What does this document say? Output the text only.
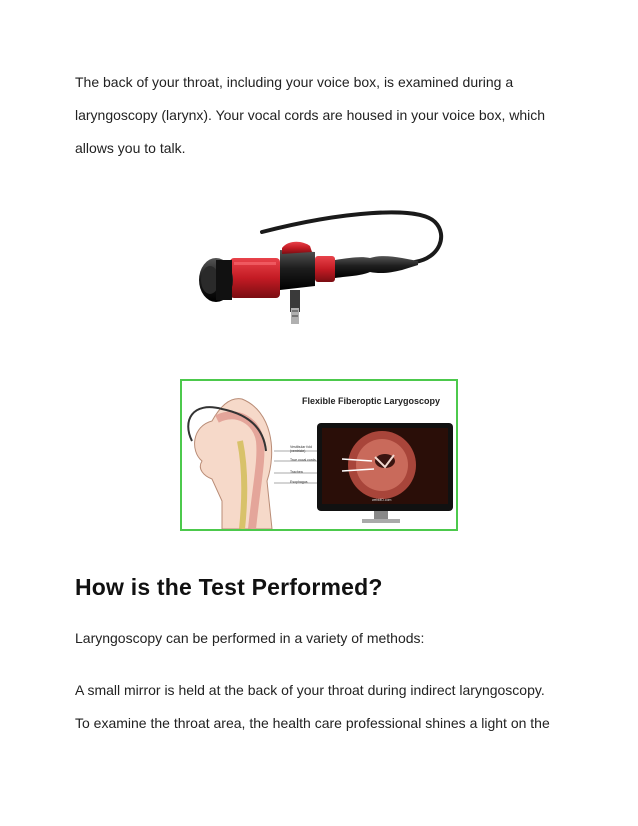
The back of your throat, including your voice box, is examined during a
laryngoscopy (larynx). Your vocal cords are housed in your voice box, which
allows you to talk.

Flexible Fiberoptic Larygoscopy
Vestibular fold (ventricle)
True vocal cords
Trachea
Esophagus
webMD.com
How is the Test Performed?

Laryngoscopy can be performed in a variety of methods:

A small mirror is held at the back of your throat during indirect laryngoscopy.
To examine the throat area, the health care professional shines a light on the
